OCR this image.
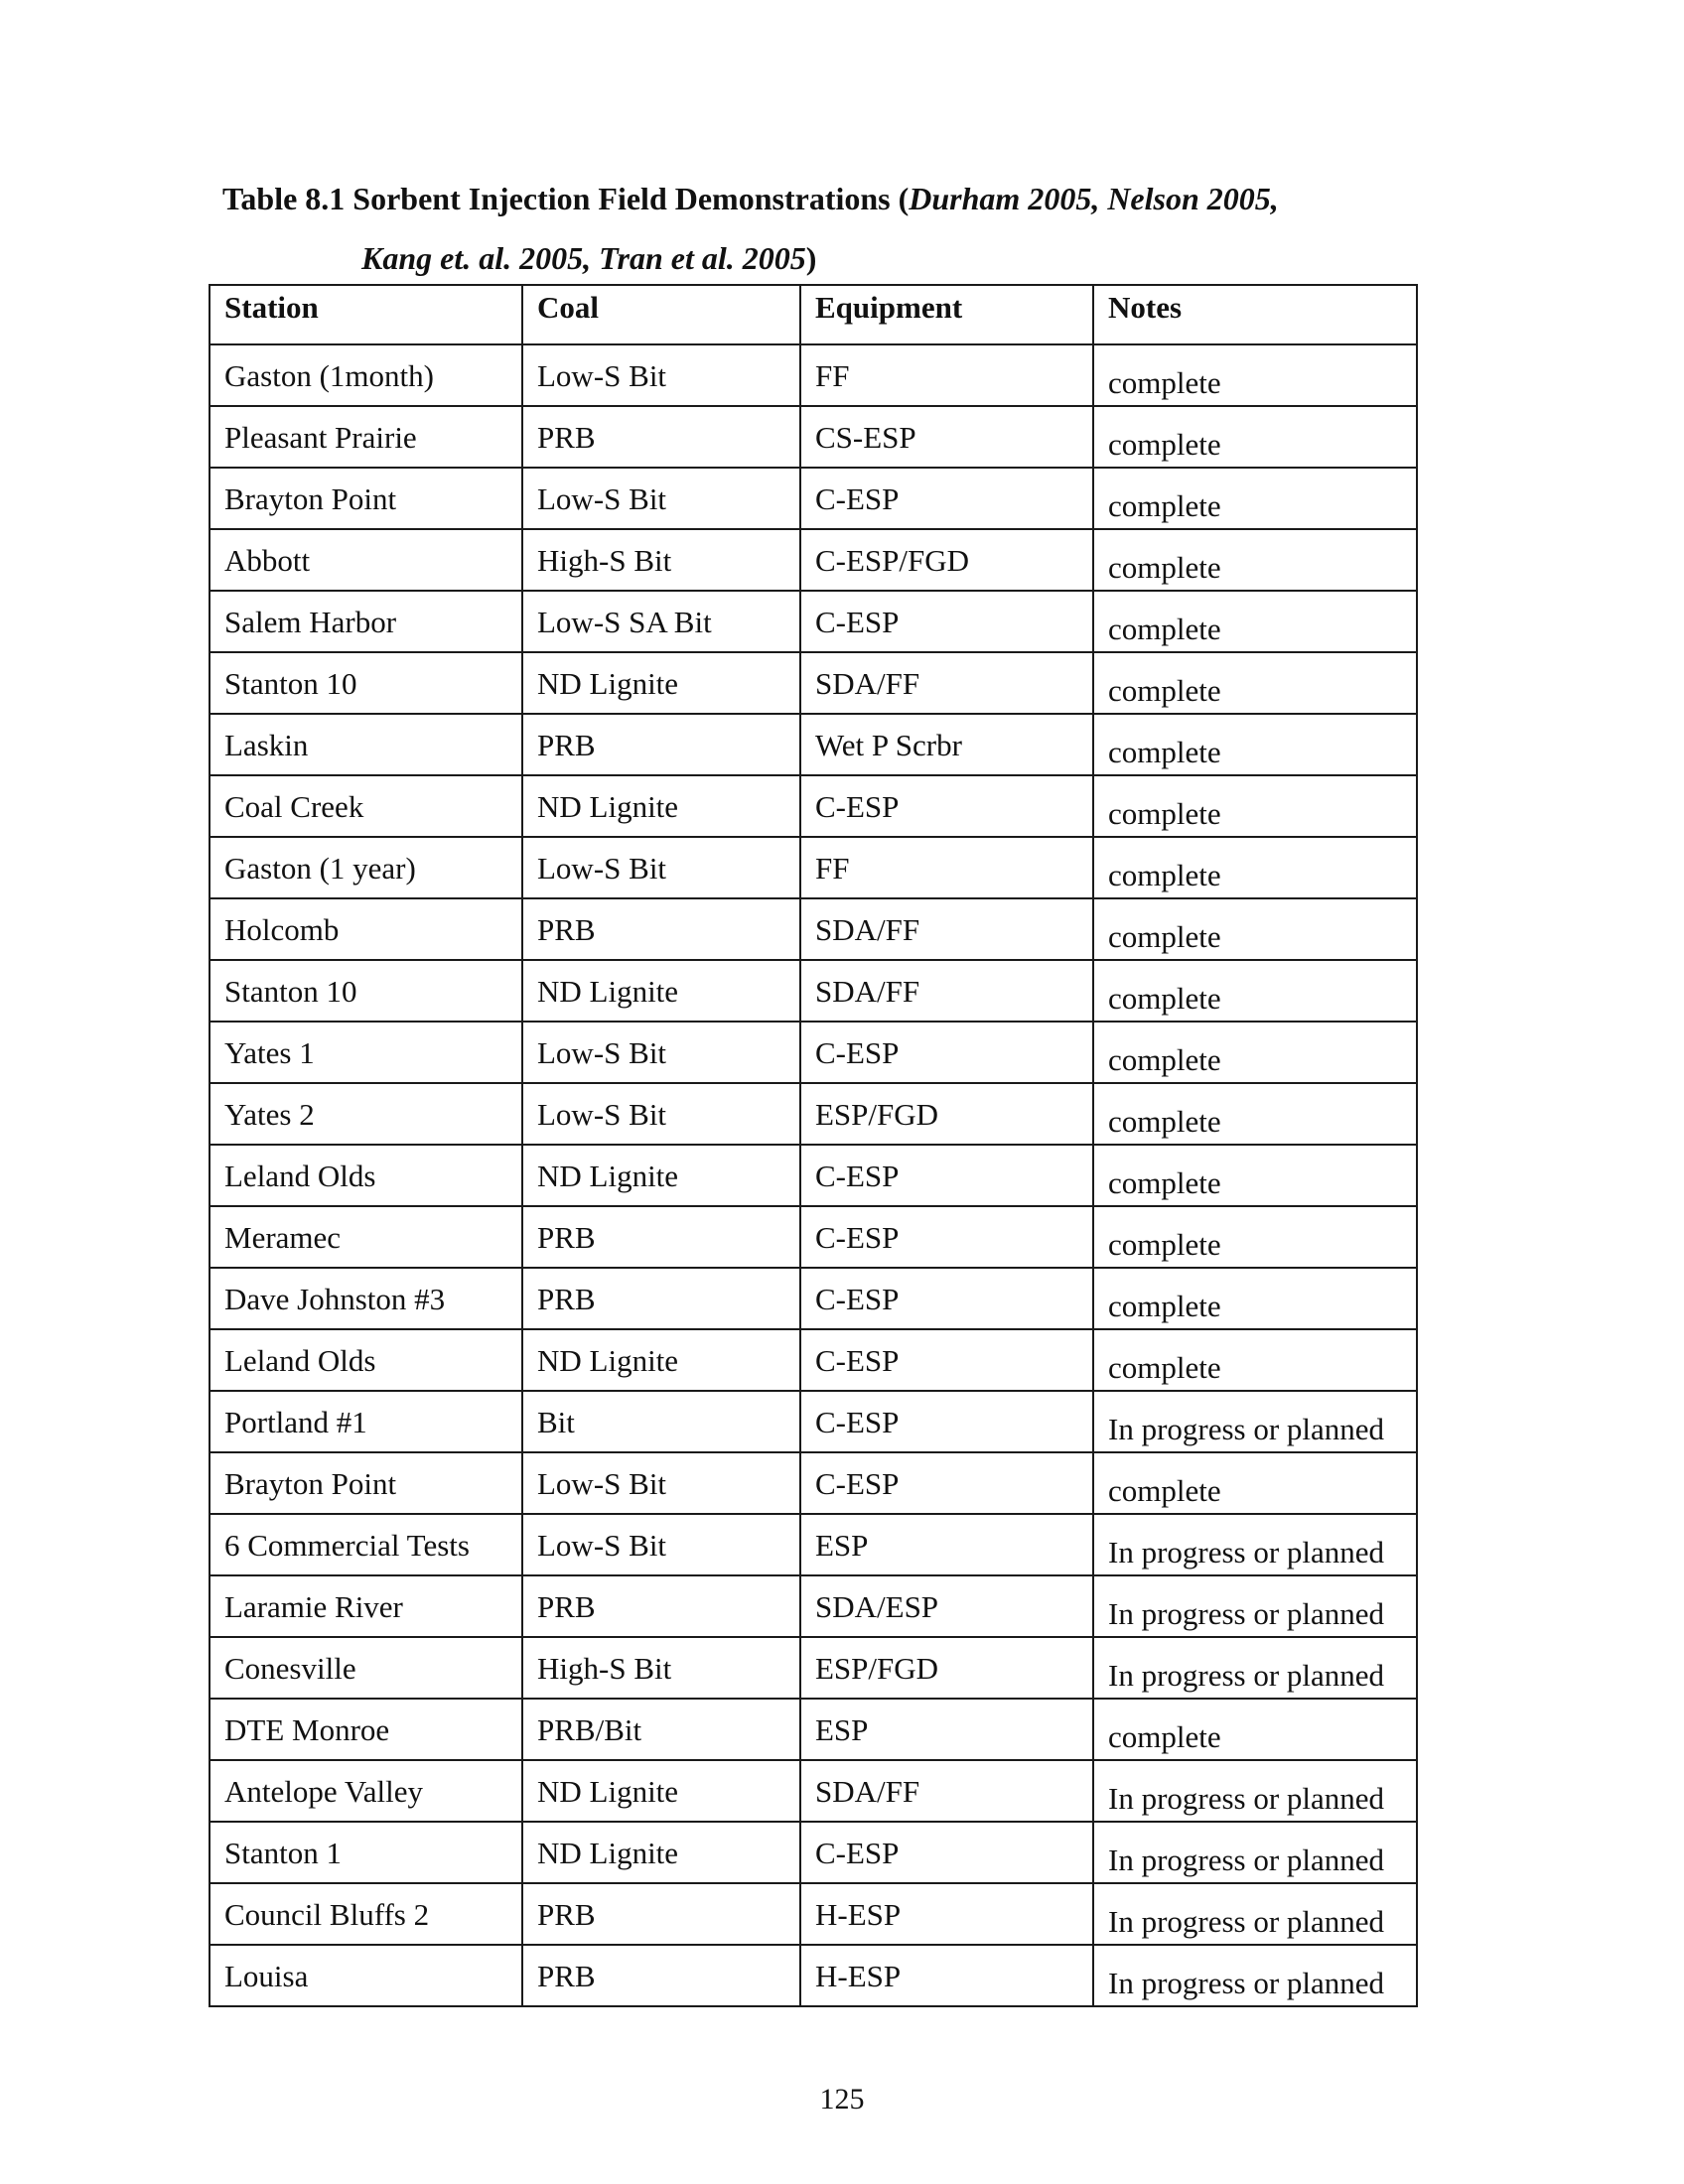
Table 8.1 Sorbent Injection Field Demonstrations (Durham 2005, Nelson 2005,
Kang et. al. 2005, Tran et al. 2005)

Station	Coal	Equipment	Notes
Gaston (1month)	Low-S Bit	FF	complete
Pleasant Prairie	PRB	CS-ESP	complete
Brayton Point	Low-S Bit	C-ESP	complete
Abbott	High-S Bit	C-ESP/FGD	complete
Salem Harbor	Low-S SA Bit	C-ESP	complete
Stanton 10	ND Lignite	SDA/FF	complete
Laskin	PRB	Wet P Scrbr	complete
Coal Creek	ND Lignite	C-ESP	complete
Gaston (1 year)	Low-S Bit	FF	complete
Holcomb	PRB	SDA/FF	complete
Stanton 10	ND Lignite	SDA/FF	complete
Yates 1	Low-S Bit	C-ESP	complete
Yates 2	Low-S Bit	ESP/FGD	complete
Leland Olds	ND Lignite	C-ESP	complete
Meramec	PRB	C-ESP	complete
Dave Johnston #3	PRB	C-ESP	complete
Leland Olds	ND Lignite	C-ESP	complete
Portland #1	Bit	C-ESP	In progress or planned
Brayton Point	Low-S Bit	C-ESP	complete
6 Commercial Tests	Low-S Bit	ESP	In progress or planned
Laramie River	PRB	SDA/ESP	In progress or planned
Conesville	High-S Bit	ESP/FGD	In progress or planned
DTE Monroe	PRB/Bit	ESP	complete
Antelope Valley	ND Lignite	SDA/FF	In progress or planned
Stanton 1	ND Lignite	C-ESP	In progress or planned
Council Bluffs 2	PRB	H-ESP	In progress or planned
Louisa	PRB	H-ESP	In progress or planned
125
